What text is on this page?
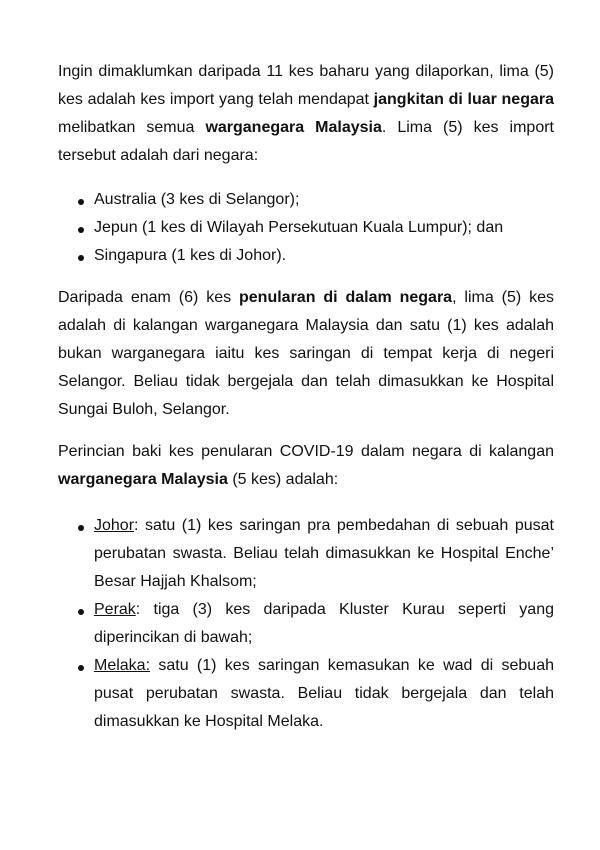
Ingin dimaklumkan daripada 11 kes baharu yang dilaporkan, lima (5) kes adalah kes import yang telah mendapat jangkitan di luar negara melibatkan semua warganegara Malaysia. Lima (5) kes import tersebut adalah dari negara:

Australia (3 kes di Selangor);
Jepun (1 kes di Wilayah Persekutuan Kuala Lumpur); dan
Singapura (1 kes di Johor).

Daripada enam (6) kes penularan di dalam negara, lima (5) kes adalah di kalangan warganegara Malaysia dan satu (1) kes adalah bukan warganegara iaitu kes saringan di tempat kerja di negeri Selangor. Beliau tidak bergejala dan telah dimasukkan ke Hospital Sungai Buloh, Selangor.

Perincian baki kes penularan COVID-19 dalam negara di kalangan warganegara Malaysia (5 kes) adalah:

Johor: satu (1) kes saringan pra pembedahan di sebuah pusat perubatan swasta. Beliau telah dimasukkan ke Hospital Enche’ Besar Hajjah Khalsom;
Perak: tiga (3) kes daripada Kluster Kurau seperti yang diperincikan di bawah;
Melaka: satu (1) kes saringan kemasukan ke wad di sebuah pusat perubatan swasta. Beliau tidak bergejala dan telah dimasukkan ke Hospital Melaka.
